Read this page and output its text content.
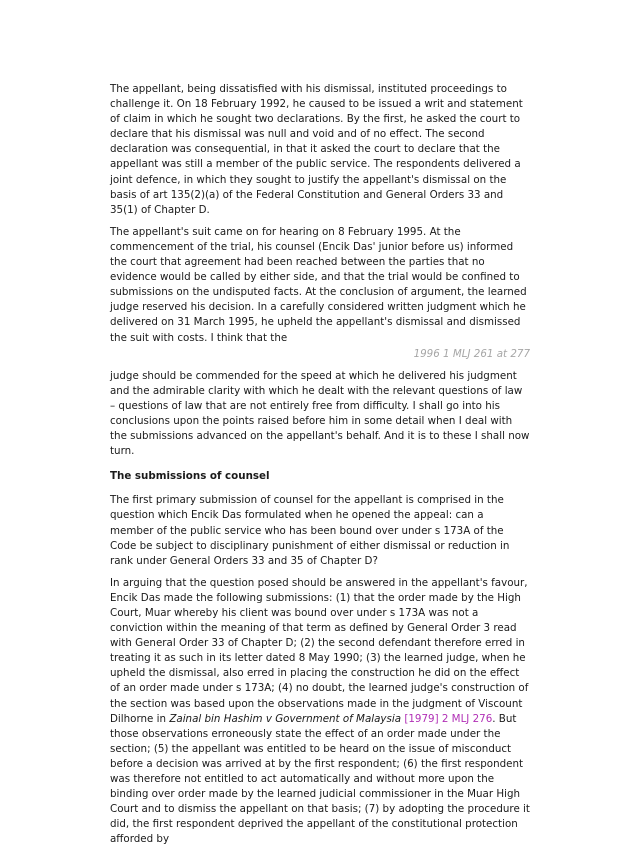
The appellant, being dissatisfied with his dismissal, instituted proceedings to challenge it. On 18 February 1992, he caused to be issued a writ and statement of claim in which he sought two declarations. By the first, he asked the court to declare that his dismissal was null and void and of no effect. The second declaration was consequential, in that it asked the court to declare that the appellant was still a member of the public service. The respondents delivered a joint defence, in which they sought to justify the appellant's dismissal on the basis of art 135(2)(a) of the Federal Constitution and General Orders 33 and 35(1) of Chapter D.

The appellant's suit came on for hearing on 8 February 1995. At the commencement of the trial, his counsel (Encik Das' junior before us) informed the court that agreement had been reached between the parties that no evidence would be called by either side, and that the trial would be confined to submissions on the undisputed facts. At the conclusion of argument, the learned judge reserved his decision. In a carefully considered written judgment which he delivered on 31 March 1995, he upheld the appellant's dismissal and dismissed the suit with costs. I think that the

1996 1 MLJ 261 at 277

judge should be commended for the speed at which he delivered his judgment and the admirable clarity with which he dealt with the relevant questions of law – questions of law that are not entirely free from difficulty. I shall go into his conclusions upon the points raised before him in some detail when I deal with the submissions advanced on the appellant's behalf. And it is to these I shall now turn.

The submissions of counsel

The first primary submission of counsel for the appellant is comprised in the question which Encik Das formulated when he opened the appeal: can a member of the public service who has been bound over under s 173A of the Code be subject to disciplinary punishment of either dismissal or reduction in rank under General Orders 33 and 35 of Chapter D?

In arguing that the question posed should be answered in the appellant's favour, Encik Das made the following submissions: (1) that the order made by the High Court, Muar whereby his client was bound over under s 173A was not a conviction within the meaning of that term as defined by General Order 3 read with General Order 33 of Chapter D; (2) the second defendant therefore erred in treating it as such in its letter dated 8 May 1990; (3) the learned judge, when he upheld the dismissal, also erred in placing the construction he did on the effect of an order made under s 173A; (4) no doubt, the learned judge's construction of the section was based upon the observations made in the judgment of Viscount Dilhorne in Zainal bin Hashim v Government of Malaysia [1979] 2 MLJ 276. But those observations erroneously state the effect of an order made under the section; (5) the appellant was entitled to be heard on the issue of misconduct before a decision was arrived at by the first respondent; (6) the first respondent was therefore not entitled to act automatically and without more upon the binding over order made by the learned judicial commissioner in the Muar High Court and to dismiss the appellant on that basis; (7) by adopting the procedure it did, the first respondent deprived the appellant of the constitutional protection afforded by
